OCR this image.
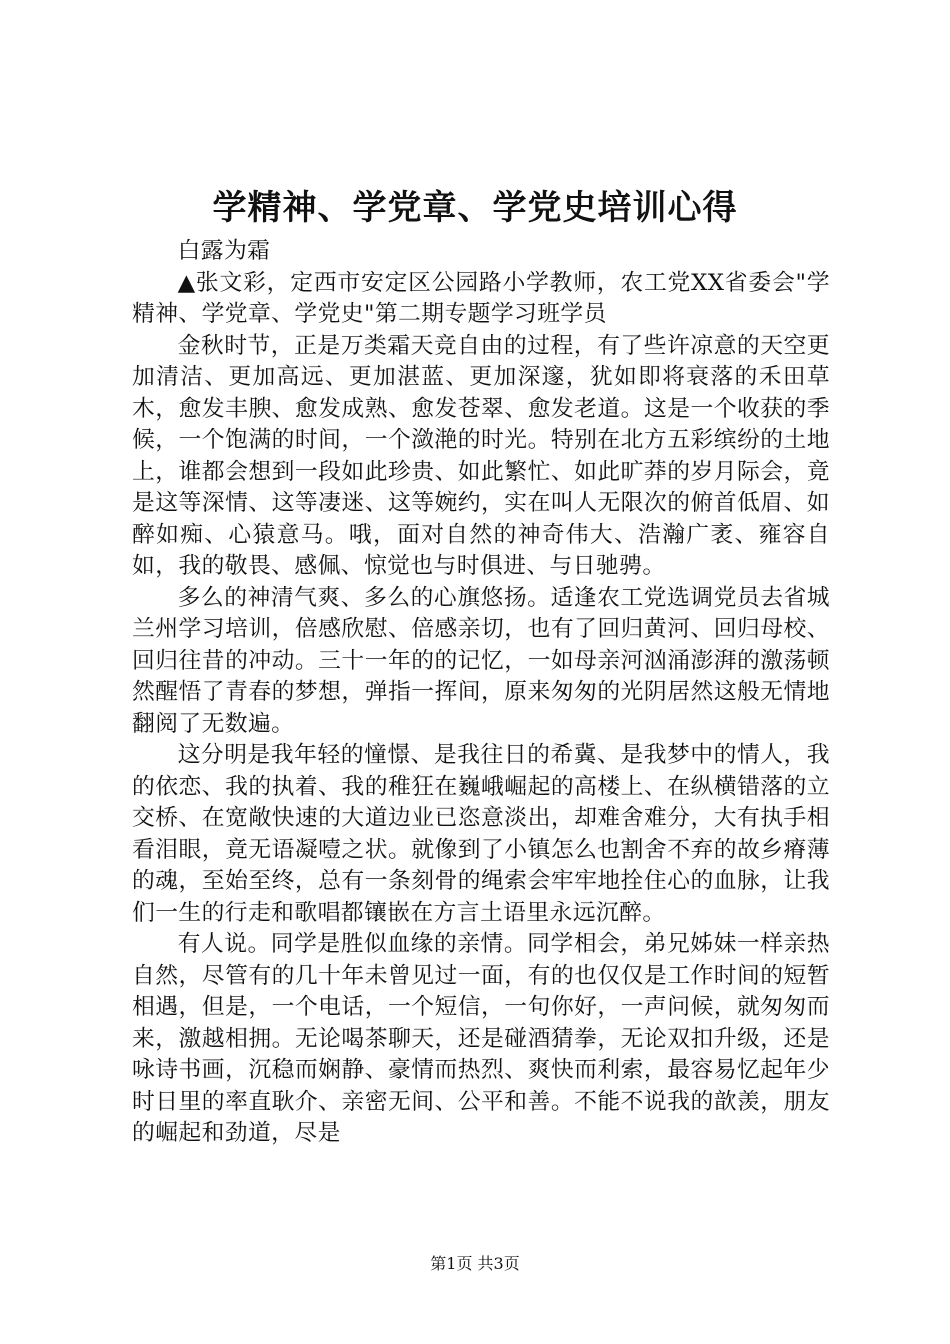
学精神、学党章、学党史培训心得

白露为霜

▲张文彩，定西市安定区公园路小学教师，农工党XX省委会"学精神、学党章、学党史"第二期专题学习班学员

金秋时节，正是万类霜天竞自由的过程，有了些许凉意的天空更加清洁、更加高远、更加湛蓝、更加深邃，犹如即将衰落的禾田草木，愈发丰腴、愈发成熟、愈发苍翠、愈发老道。这是一个收获的季候，一个饱满的时间，一个潋滟的时光。特别在北方五彩缤纷的土地上，谁都会想到一段如此珍贵、如此繁忙、如此旷莽的岁月际会，竟是这等深情、这等凄迷、这等婉约，实在叫人无限次的俯首低眉、如醉如痴、心猿意马。哦，面对自然的神奇伟大、浩瀚广袤、雍容自如，我的敬畏、感佩、惊觉也与时俱进、与日驰骋。

多么的神清气爽、多么的心旗悠扬。适逢农工党选调党员去省城兰州学习培训，倍感欣慰、倍感亲切，也有了回归黄河、回归母校、回归往昔的冲动。三十一年的的记忆，一如母亲河汹涌澎湃的激荡顿然醒悟了青春的梦想，弹指一挥间，原来匆匆的光阴居然这般无情地翻阅了无数遍。

这分明是我年轻的憧憬、是我往日的希冀、是我梦中的情人，我的依恋、我的执着、我的稚狂在巍峨崛起的高楼上、在纵横错落的立交桥、在宽敞快速的大道边业已恣意淡出，却难舍难分，大有执手相看泪眼，竟无语凝噎之状。就像到了小镇怎么也割舍不弃的故乡瘠薄的魂，至始至终，总有一条刻骨的绳索会牢牢地拴住心的血脉，让我们一生的行走和歌唱都镶嵌在方言土语里永远沉醉。

有人说。同学是胜似血缘的亲情。同学相会，弟兄姊妹一样亲热自然，尽管有的几十年未曾见过一面，有的也仅仅是工作时间的短暂相遇，但是，一个电话，一个短信，一句你好，一声问候，就匆匆而来，激越相拥。无论喝茶聊天，还是碰酒猜拳，无论双扣升级，还是咏诗书画，沉稳而娴静、豪情而热烈、爽快而利索，最容易忆起年少时日里的率直耿介、亲密无间、公平和善。不能不说我的歆羡，朋友的崛起和劲道，尽是

第1页 共3页
